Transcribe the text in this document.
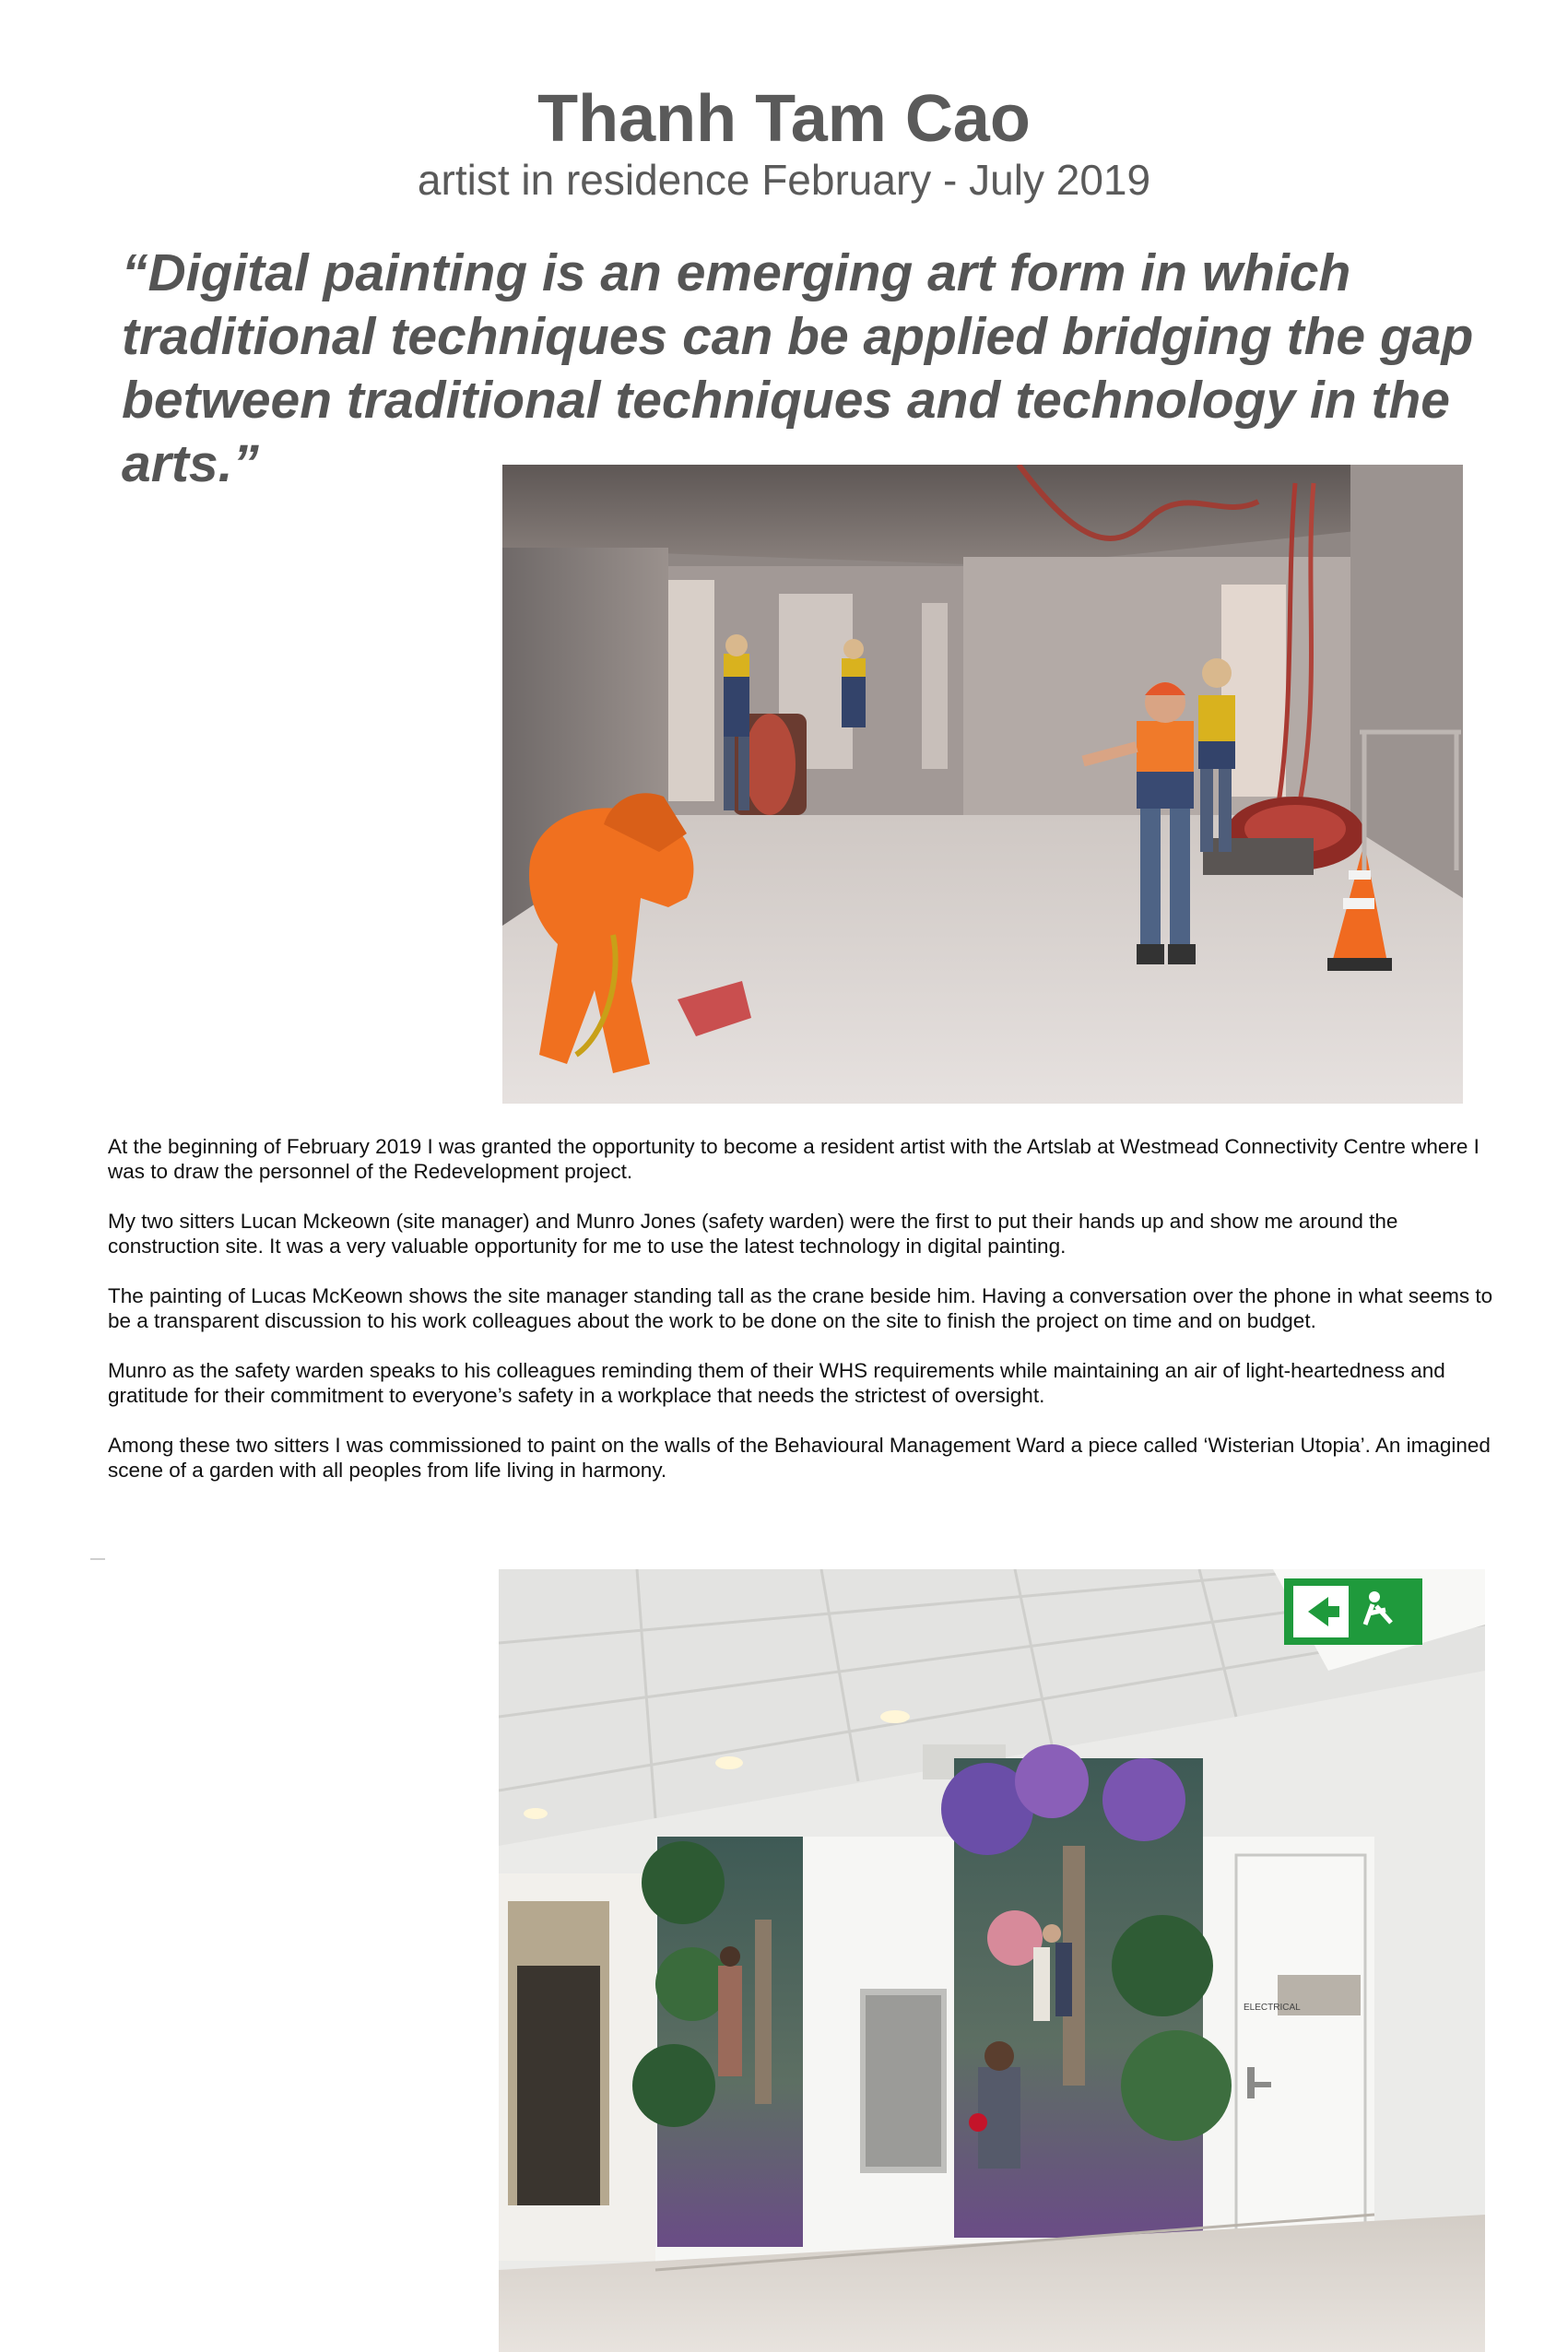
Thanh Tam Cao
artist in residence February - July 2019
“Digital painting is an emerging art form in which traditional techniques can be applied bridging the gap between traditional techniques and technology in the arts.”

At the beginning of February 2019 I was granted the opportunity to become a resident artist with the Artslab at Westmead Connectivity Centre where I was to draw the personnel of the Redevelopment project.

My two sitters Lucan Mckeown (site manager) and Munro Jones (safety warden) were the first to put their hands up and show me around the construction site. It was a very valuable opportunity for me to use the latest technology in digital painting.

The painting of Lucas McKeown shows the site manager standing tall as the crane beside him. Having a conversation over the phone in what seems to be a transparent discussion to his work colleagues about the work to be done on the site to finish the project on time and on budget.

Munro as the safety warden speaks to his colleagues reminding them of their WHS requirements while maintaining an air of light-heartedness and gratitude for their commitment to everyone’s safety in a workplace that needs the strictest of oversight.

Among these two sitters I was commissioned to paint on the walls of the Behavioural Management Ward a piece called ‘Wisterian Utopia’. An imagined scene of a garden with all peoples from life living in harmony.

ELECTRICAL
